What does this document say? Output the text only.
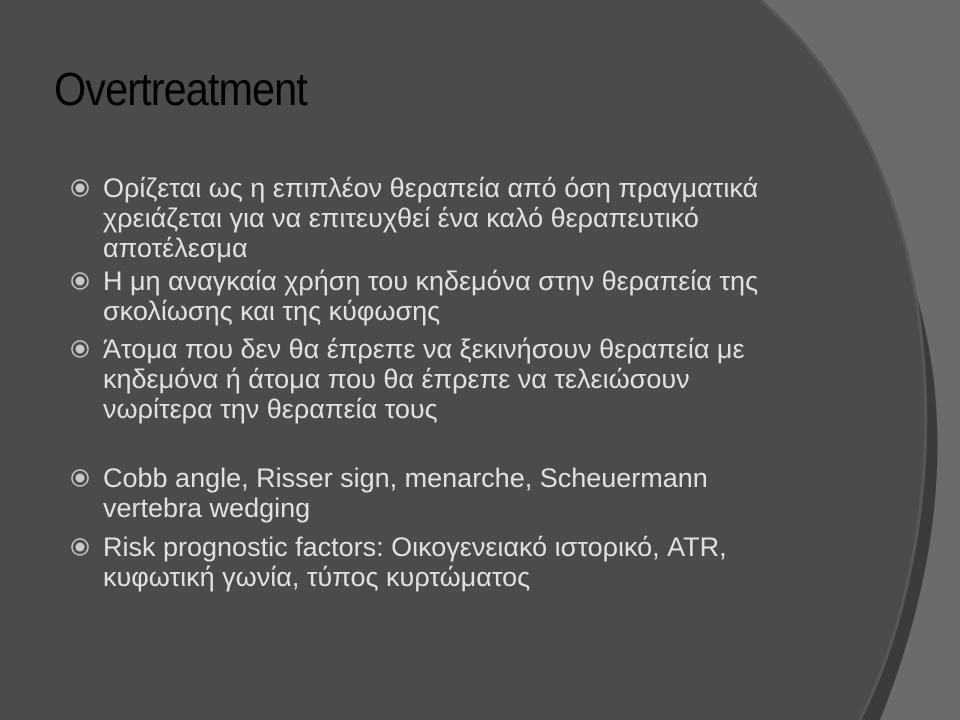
Overtreatment
Ορίζεται ως η επιπλέον θεραπεία από όση πραγματικά χρειάζεται για να επιτευχθεί ένα καλό θεραπευτικό αποτέλεσμα
Η μη αναγκαία χρήση του κηδεμόνα στην θεραπεία της σκολίωσης και της κύφωσης
Άτομα που δεν θα έπρεπε να ξεκινήσουν θεραπεία με κηδεμόνα ή άτομα που θα έπρεπε να τελειώσουν νωρίτερα την θεραπεία τους
Cobb angle, Risser sign, menarche, Scheuermann vertebra wedging
Risk prognostic factors: Οικογενειακό ιστορικό, ATR, κυφωτική γωνία, τύπος κυρτώματος
